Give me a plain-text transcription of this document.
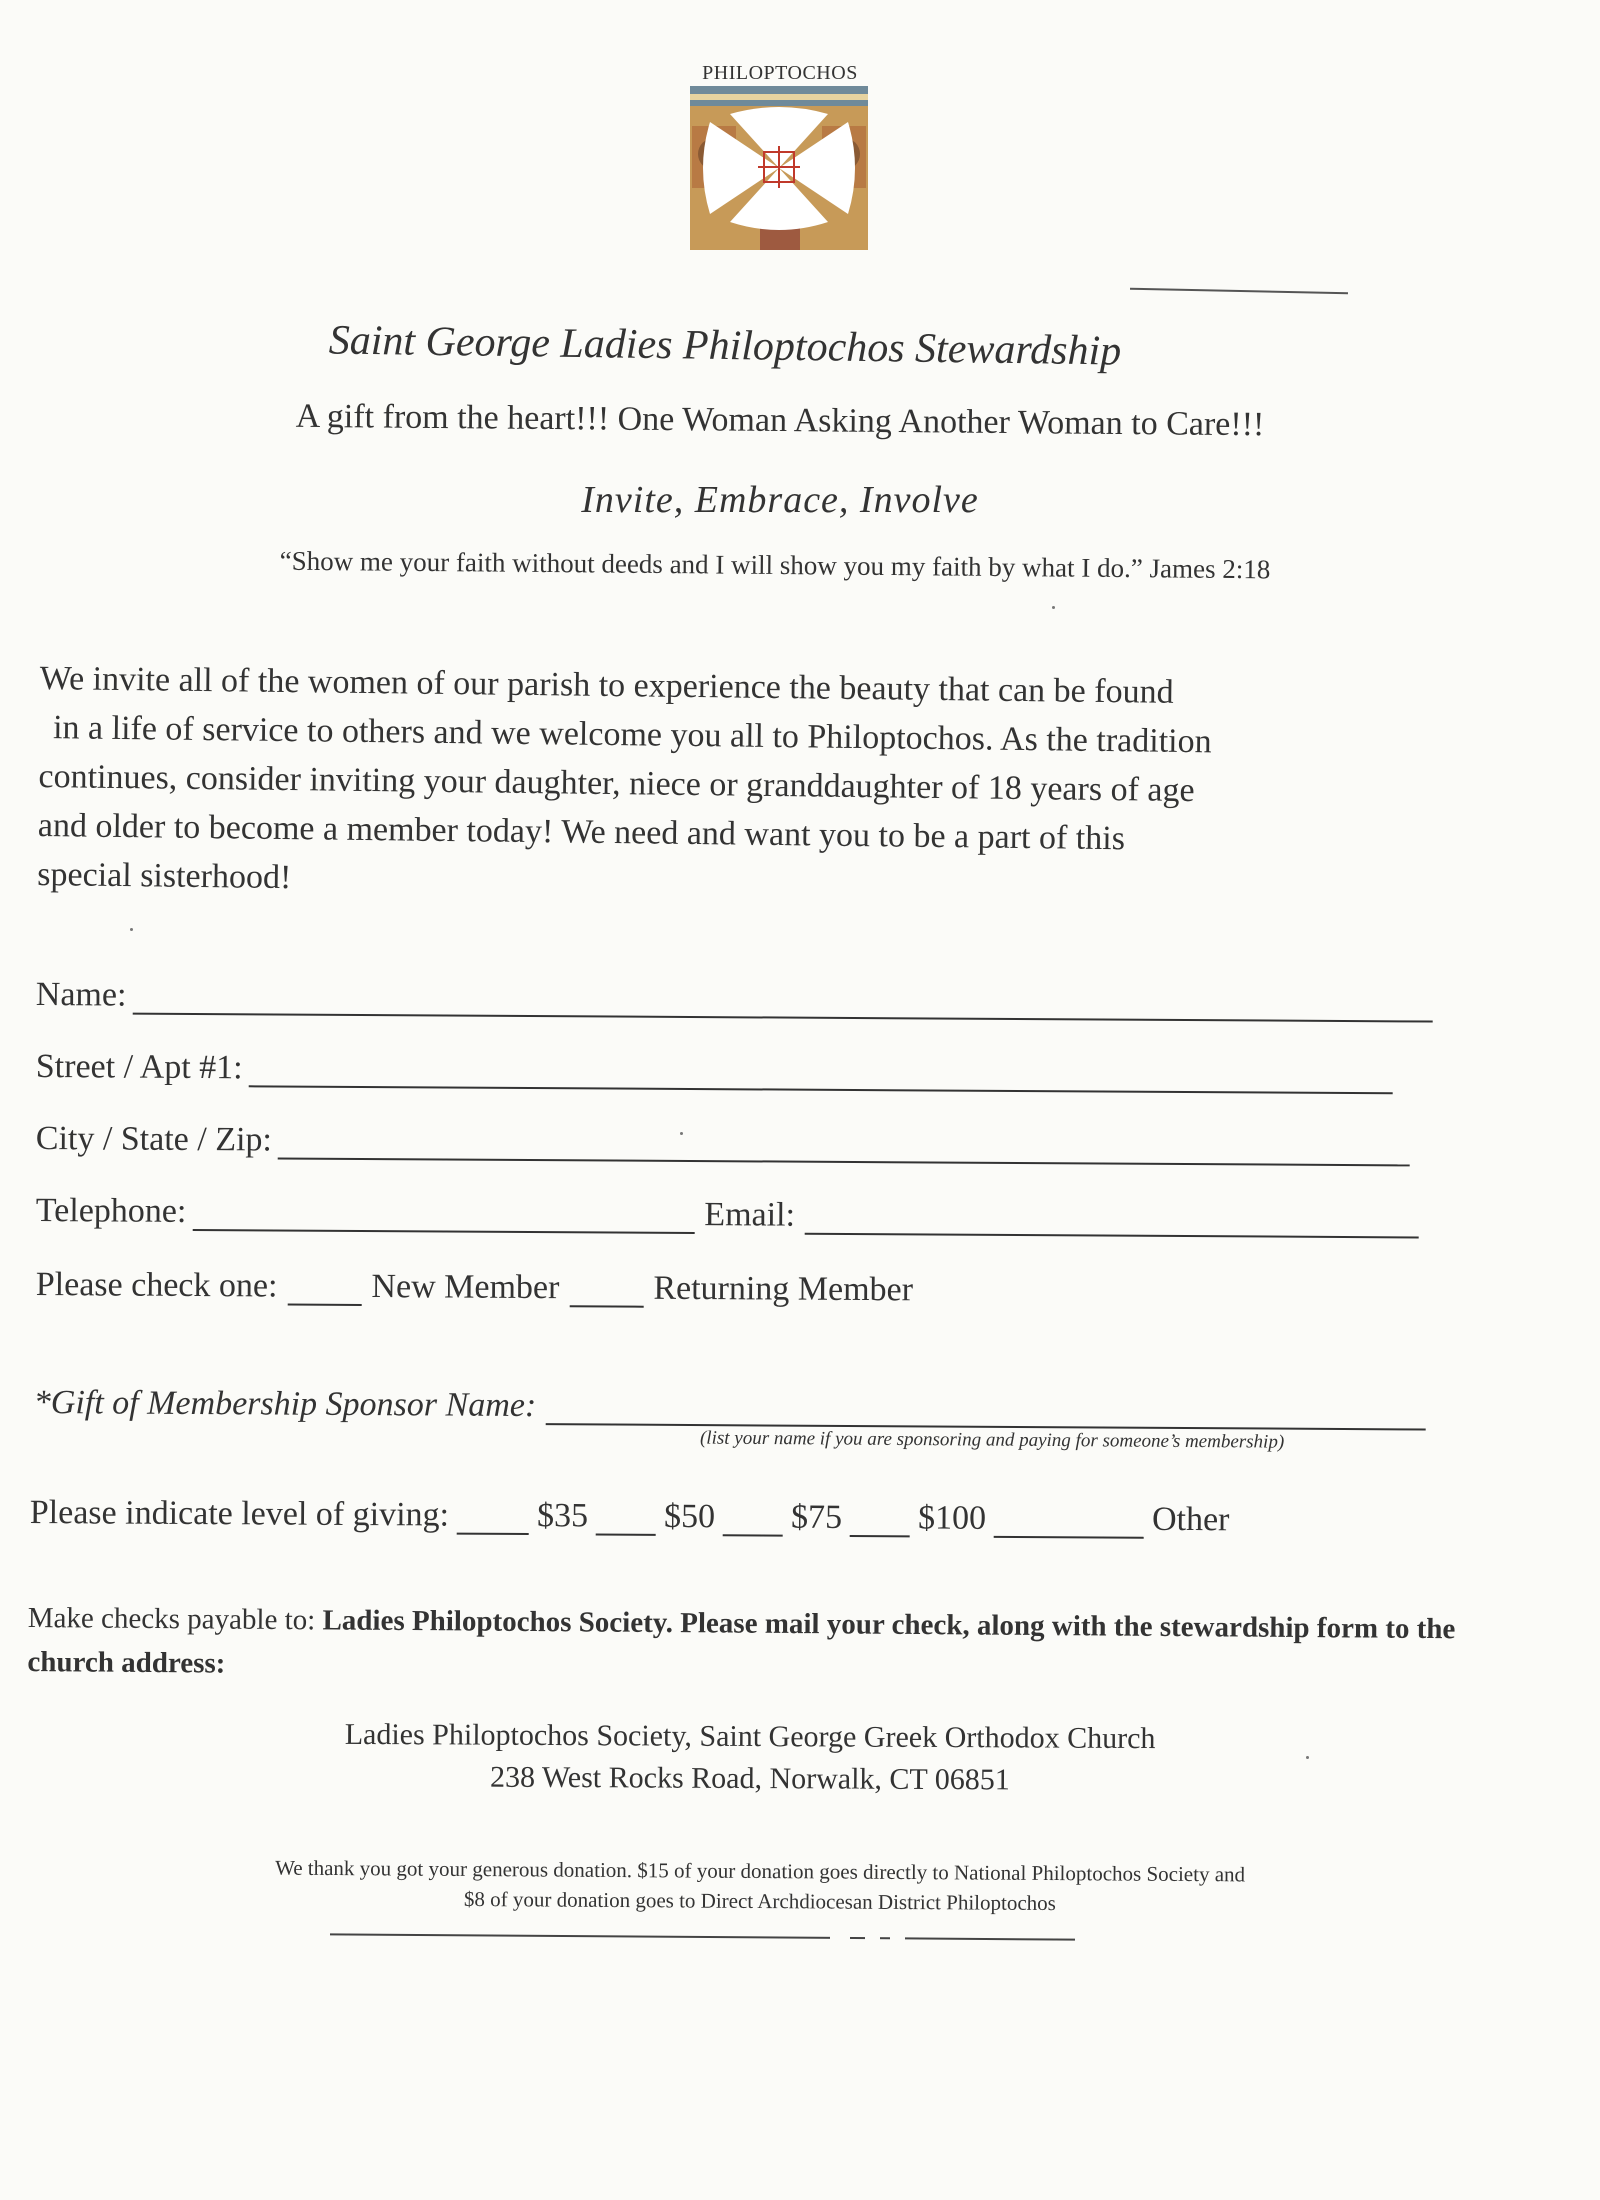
PHILOPTOCHOS
Saint George Ladies Philoptochos Stewardship
A gift from the heart!!! One Woman Asking Another Woman to Care!!!
Invite, Embrace, Involve
“Show me your faith without deeds and I will show you my faith by what I do.” James 2:18
We invite all of the women of our parish to experience the beauty that can be found
in a life of service to others and we welcome you all to Philoptochos. As the tradition
continues, consider inviting your daughter, niece or granddaughter of 18 years of age
and older to become a member today! We need and want you to be a part of this
special sisterhood!
Name:
Street / Apt #1:
City / State / Zip:
Telephone:	Email:
Please check one:	New Member	Returning Member
*Gift of Membership Sponsor Name:
(list your name if you are sponsoring and paying for someone’s membership)
Please indicate level of giving:	$35 $50 $75 $100	Other
Make checks payable to: Ladies Philoptochos Society. Please mail your check, along with the stewardship form to the church address:
Ladies Philoptochos Society, Saint George Greek Orthodox Church
238 West Rocks Road, Norwalk, CT 06851
We thank you got your generous donation. $15 of your donation goes directly to National Philoptochos Society and
$8 of your donation goes to Direct Archdiocesan District Philoptochos
